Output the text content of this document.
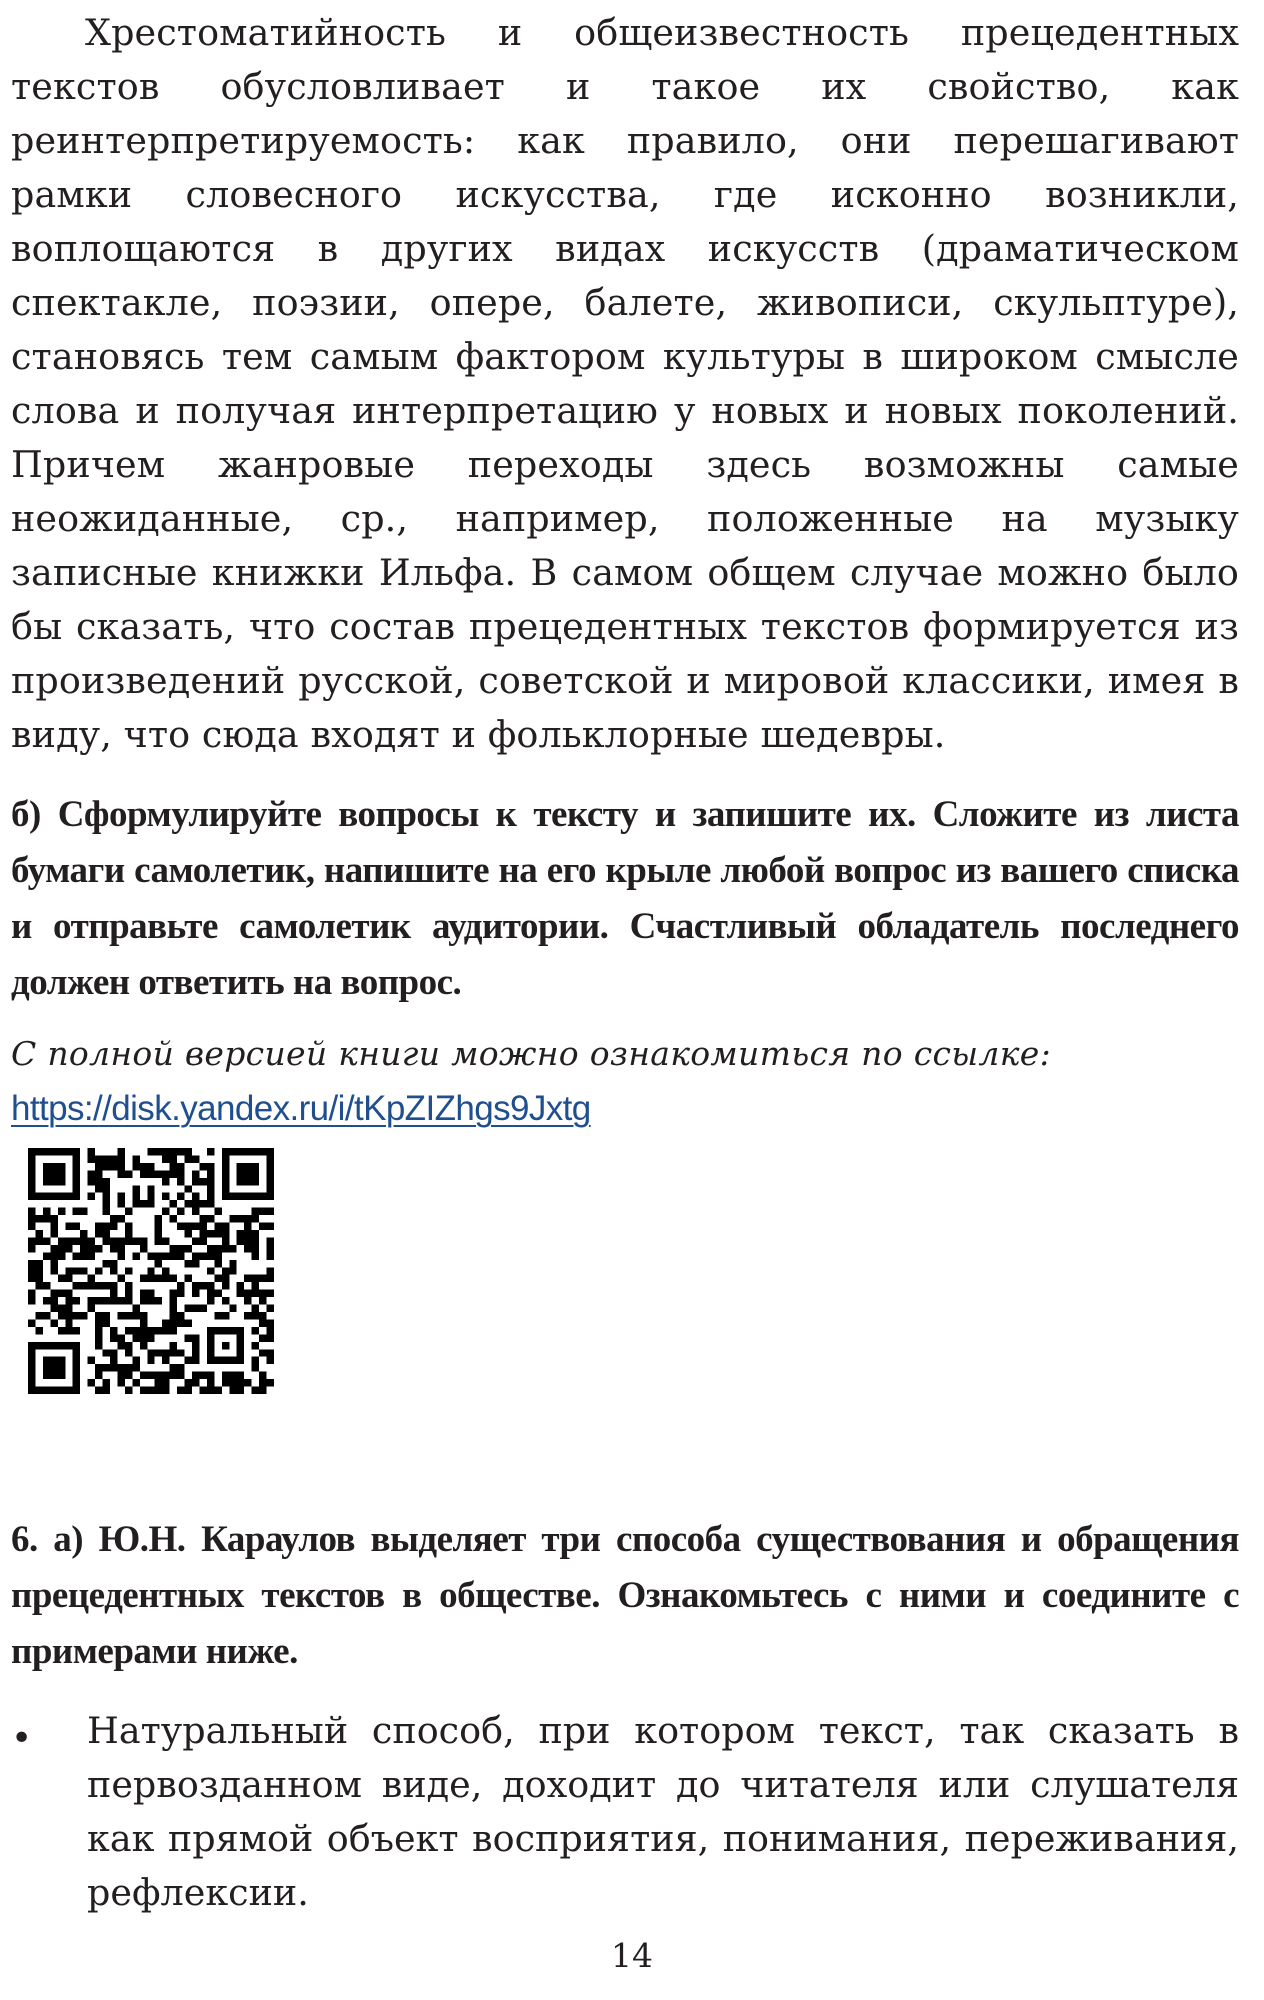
Хрестоматийность и общеизвестность прецедентных текстов обусловливает и такое их свойство, как реинтерпретируемость: как правило, они перешагивают рамки словесного искусства, где исконно возникли, воплощаются в других видах искусств (драматическом спектакле, поэзии, опере, балете, живописи, скульптуре), становясь тем самым фактором культуры в широком смысле слова и получая интерпретацию у новых и новых поколений. Причем жанровые переходы здесь возможны самые неожиданные, ср., например, положенные на музыку записные книжки Ильфа. В самом общем случае можно было бы сказать, что состав прецедентных текстов формируется из произведений русской, советской и мировой классики, имея в виду, что сюда входят и фольклорные шедевры.

б) Сформулируйте вопросы к тексту и запишите их. Сложите из листа бумаги самолетик, напишите на его крыле любой вопрос из вашего списка и отправьте самолетик аудитории. Счастливый обладатель последнего должен ответить на вопрос.

С полной версией книги можно ознакомиться по ссылке: https://disk.yandex.ru/i/tKpZIZhgs9Jxtg

6. а) Ю.Н. Караулов выделяет три способа существования и обращения прецедентных текстов в обществе. Ознакомьтесь с ними и соедините с примерами ниже.

• Натуральный способ, при котором текст, так сказать в первозданном виде, доходит до читателя или слушателя как прямой объект восприятия, понимания, переживания, рефлексии.

14
